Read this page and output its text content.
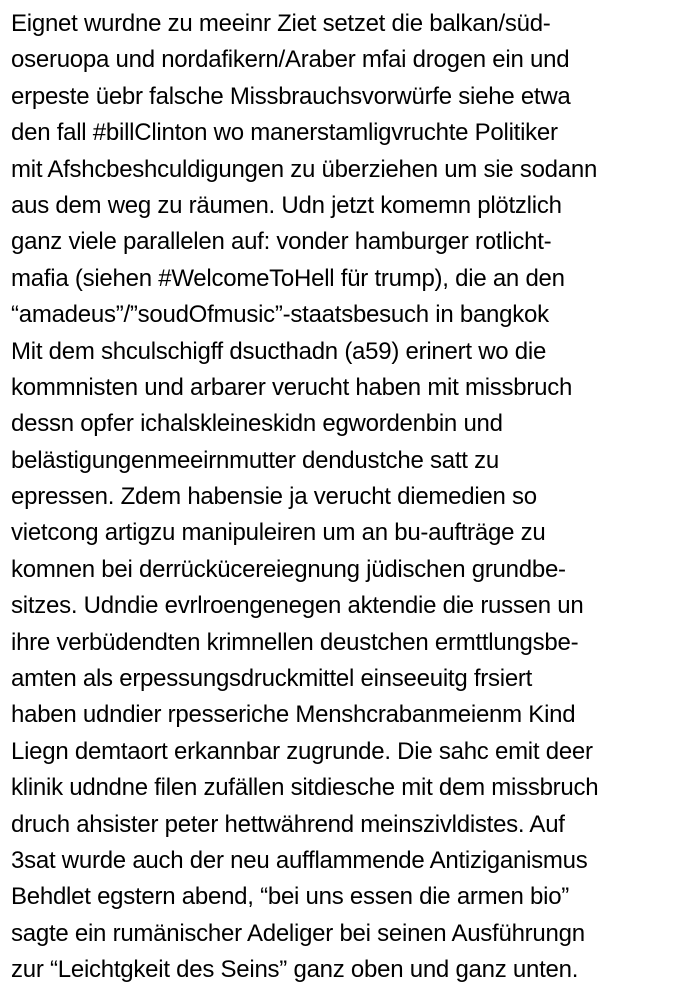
Eignet wurdne zu meeinr Ziet setzet die balkan/süd-
oseruopa und nordafikern/Araber mfai drogen ein und
erpeste üebr falsche Missbrauchsvorwürfe siehe etwa
den fall #billClinton wo manerstamligvruchte Politiker
mit Afshcbeshculdigungen zu überziehen um sie sodann
aus dem weg zu räumen. Udn jetzt komemn plötzlich
ganz viele parallelen auf: vonder hamburger rotlicht-
mafia (siehen #WelcomeToHell für trump), die an den
“amadeus”/”soudOfmusic”-staatsbesuch in bangkok
Mit dem shculschigff dsucthadn (a59) erinert wo die
kommnisten und arbarer verucht haben mit missbruch
dessn opfer ichalskleineskidn egwordenbin und
belästigungenmeeirnmutter dendustche satt zu
epressen. Zdem habensie ja verucht diemedien so
vietcong artigzu manipuleiren um an bu-aufträge zu
komnen bei derrückücereiegnung jüdischen grundbe-
sitzes. Udndie evrlroengenegen aktendie die russen un
ihre verbüdendten krimnellen deustchen ermttlungsbe-
amten als erpessungsdruckmittel einseeuitg frsiert
haben udndier rpesseriche Menshcrabanmeienm Kind
Liegn demtaort erkannbar zugrunde. Die sahc emit deer
klinik udndne filen zufällen sitdiesche mit dem missbruch
druch ahsister peter hettwährend meinszivldistes. Auf
3sat wurde auch der neu aufflammende Antiziganismus
Behdlet egstern abend, “bei uns essen die armen bio”
sagte ein rumänischer Adeliger bei seinen Ausführungn
zur “Leichtgkeit des Seins” ganz oben und ganz unten.
